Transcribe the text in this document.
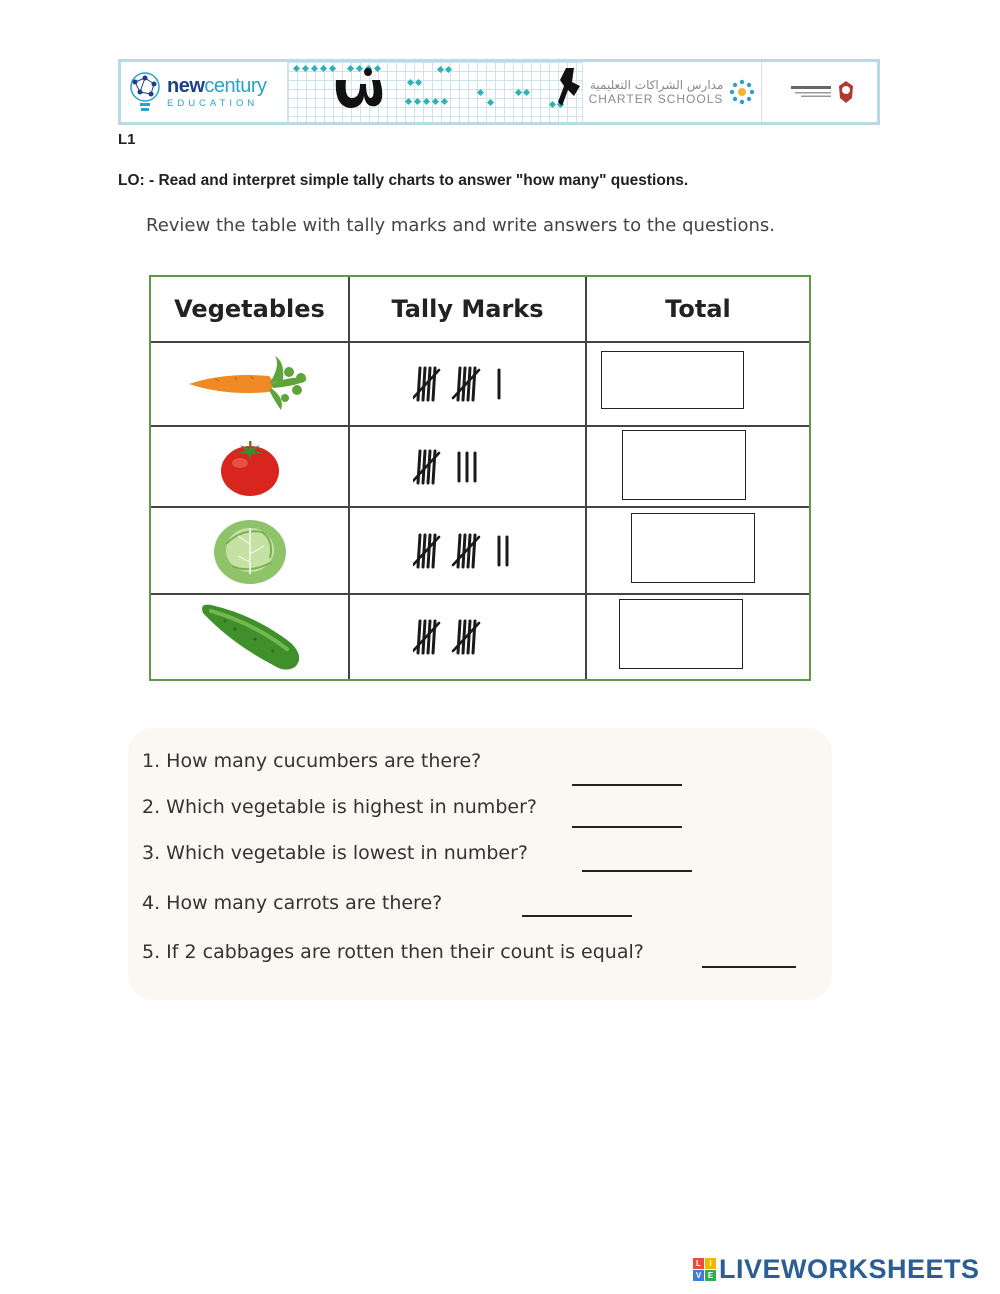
newcentury
EDUCATION
مدارس الشراكات التعليمية
CHARTER SCHOOLS
L1
LO: - Read and interpret simple tally charts to answer "how many" questions.
Review the table with tally marks and write answers to the questions.
Vegetables	Tally Marks	Total
1. How many cucumbers are there?
2. Which vegetable is highest in number?
3. Which vegetable is lowest in number?
4. How many carrots are there?
5. If 2 cabbages are rotten then their count is equal?
L	I
V E LIVEWORKSHEETS
